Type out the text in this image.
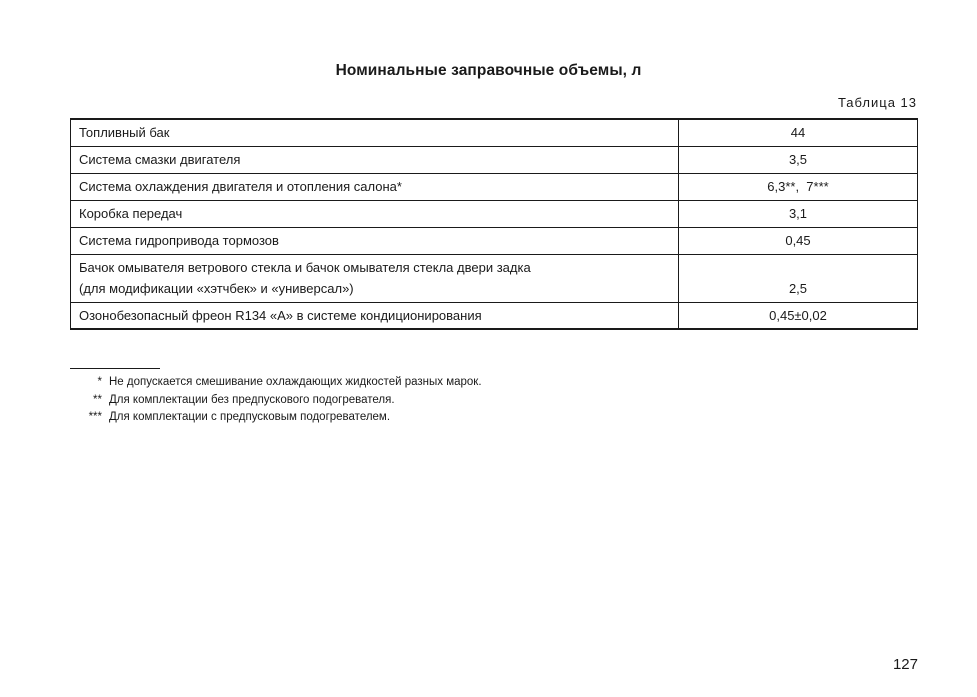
Номинальные заправочные объемы, л
Таблица 13
Топливный бак	44
Система смазки двигателя	3,5
Система охлаждения двигателя и отопления салона*	6,3**,  7***
Коробка передач	3,1
Система гидропривода тормозов	0,45

Бачок омывателя ветрового стекла и бачок омывателя стекла двери задка
(для модификации «хэтчбек» и «универсал»)	2,5
Озонобезопасный фреон R134 «A» в системе кондиционирования	0,45±0,02
* Не допускается смешивание охлаждающих жидкостей разных марок.
** Для комплектации без предпускового подогревателя.
*** Для комплектации с предпусковым подогревателем.
127
